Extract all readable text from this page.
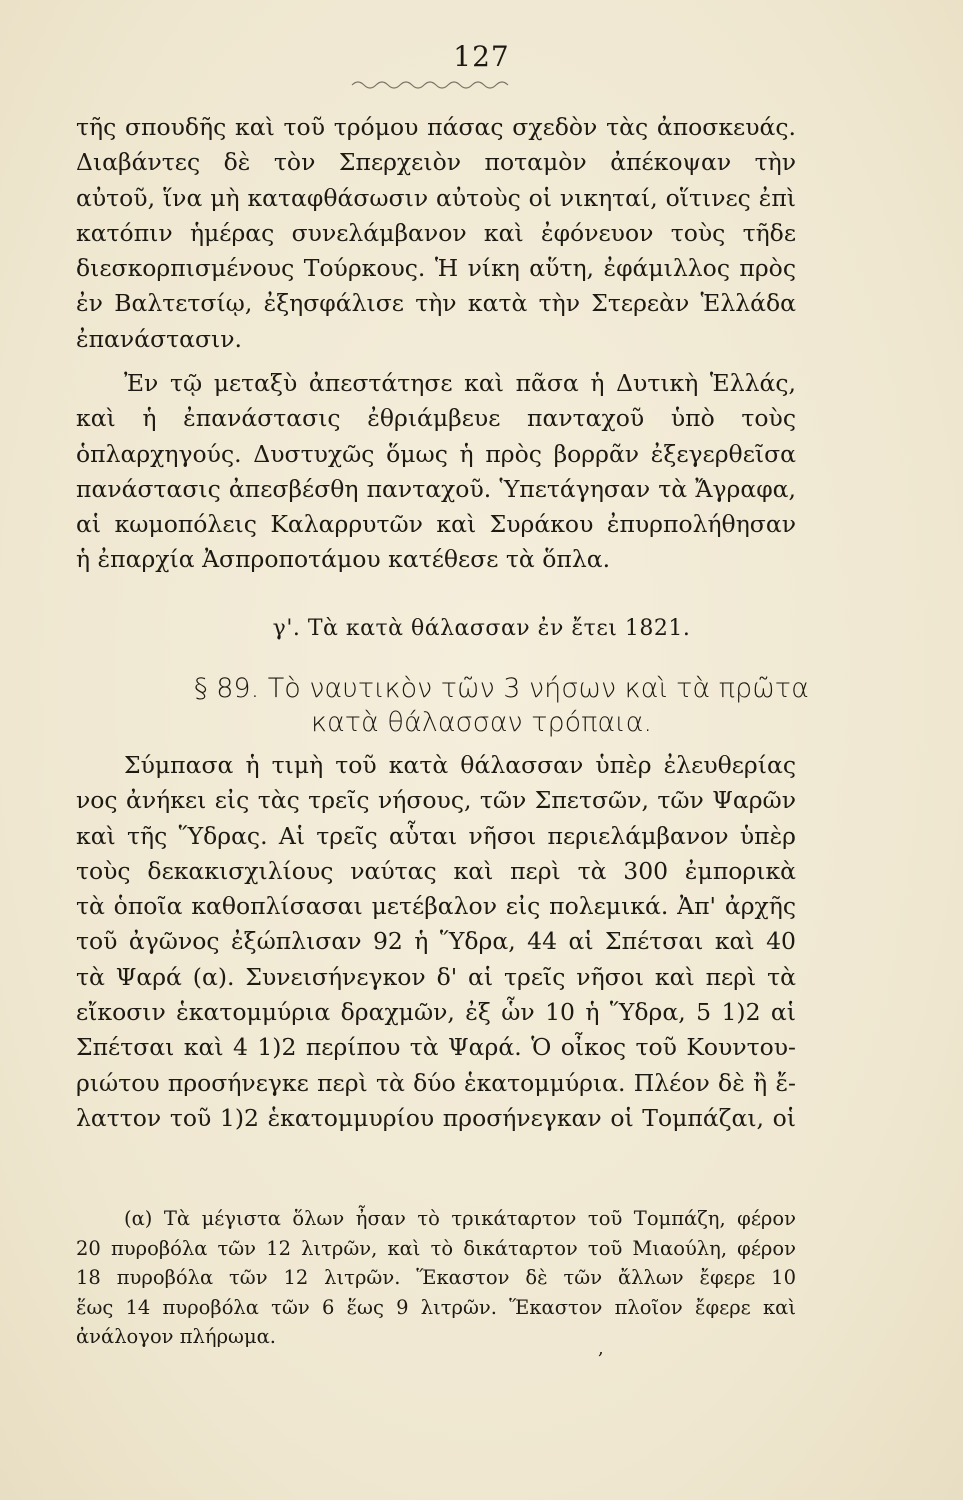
127
τῆς σπουδῆς καὶ τοῦ τρόμου πάσας σχεδὸν τὰς ἀποσκευάς.
Διαβάντες δὲ τὸν Σπερχειὸν ποταμὸν ἀπέκοψαν τὴν
αὐτοῦ, ἵνα μὴ καταφθάσωσιν αὐτοὺς οἱ νικηταί, οἵτινες ἐπὶ
κατόπιν ἡμέρας συνελάμβανον καὶ ἐφόνευον τοὺς τῆδε
διεσκορπισμένους Τούρκους. Ἡ νίκη αὕτη, ἐφάμιλλος πρὸς
ἐν Βαλτετσίῳ, ἐξησφάλισε τὴν κατὰ τὴν Στερεὰν Ἑλλάδα
ἐπανάστασιν.
Ἐν τῷ μεταξὺ ἀπεστάτησε καὶ πᾶσα ἡ Δυτικὴ Ἑλλάς,
καὶ ἡ ἐπανάστασις ἐθριάμβευε πανταχοῦ ὑπὸ τοὺς
ὁπλαρχηγούς. Δυστυχῶς ὅμως ἡ πρὸς βορρᾶν ἐξεγερθεῖσα
πανάστασις ἀπεσβέσθη πανταχοῦ. Ὑπετάγησαν τὰ Ἄγραφα,
αἱ κωμοπόλεις Καλαρρυτῶν καὶ Συράκου ἐπυρπολήθησαν
ἡ ἐπαρχία Ἀσπροποτάμου κατέθεσε τὰ ὅπλα.
γ'. Τὰ κατὰ θάλασσαν ἐν ἔτει 1821.
§ 89. Τὸ ναυτικὸν τῶν 3 νήσων καὶ τὰ πρῶτα
κατὰ θάλασσαν τρόπαια.
Σύμπασα ἡ τιμὴ τοῦ κατὰ θάλασσαν ὑπὲρ ἐλευθερίας
νος ἀνήκει εἰς τὰς τρεῖς νήσους, τῶν Σπετσῶν, τῶν Ψαρῶν
καὶ τῆς Ὕδρας. Αἱ τρεῖς αὗται νῆσοι περιελάμβανον ὑπὲρ
τοὺς δεκακισχιλίους ναύτας καὶ περὶ τὰ 300 ἐμπορικὰ
τὰ ὁποῖα καθοπλίσασαι μετέβαλον εἰς πολεμικά. Ἀπ' ἀρχῆς
τοῦ ἀγῶνος ἐξώπλισαν 92 ἡ Ὕδρα, 44 αἱ Σπέτσαι καὶ 40
τὰ Ψαρά (α). Συνεισήνεγκον δ' αἱ τρεῖς νῆσοι καὶ περὶ τὰ
εἴκοσιν ἑκατομμύρια δραχμῶν, ἐξ ὧν 10 ἡ Ὕδρα, 5 1)2 αἱ
Σπέτσαι καὶ 4 1)2 περίπου τὰ Ψαρά. Ὁ οἶκος τοῦ Κουντου-
ριώτου προσήνεγκε περὶ τὰ δύο ἑκατομμύρια. Πλέον δὲ ἢ ἔ-
λαττον τοῦ 1)2 ἑκατομμυρίου προσήνεγκαν οἱ Τομπάζαι, οἱ
(α) Τὰ μέγιστα ὅλων ἦσαν τὸ τρικάταρτον τοῦ Τομπάζη, φέρον
20 πυροβόλα τῶν 12 λιτρῶν, καὶ τὸ δικάταρτον τοῦ Μιαούλη, φέρον
18 πυροβόλα τῶν 12 λιτρῶν. Ἕκαστον δὲ τῶν ἄλλων ἔφερε 10
ἕως 14 πυροβόλα τῶν 6 ἕως 9 λιτρῶν. Ἕκαστον πλοῖον ἔφερε καὶ
ἀνάλογον πλήρωμα.
,
